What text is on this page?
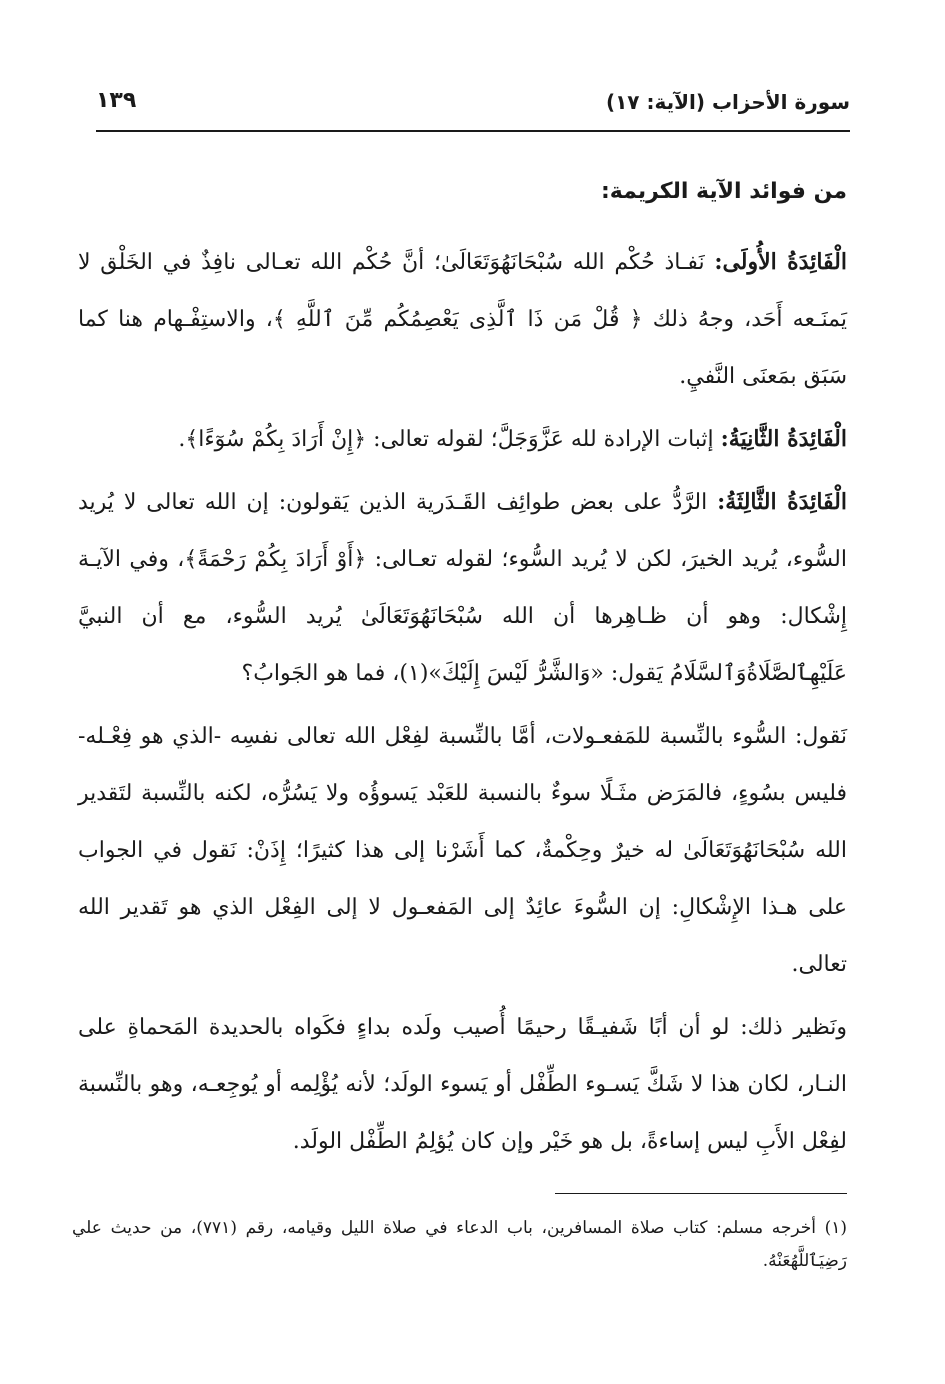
سورة الأحزاب (الآية: ١٧)
١٣٩
من فوائد الآية الكريمة:

الْفَائِدَةُ الأُولَى: نَفـاذ حُكْم الله سُبْحَانَهُوَتَعَالَىٰ؛ أنَّ حُكْم الله تعـالى نافِذٌ في الخَلْق لا يَمنَـعه أَحَد، وجهُ ذلك ﴿ قُلْ مَن ذَا ٱلَّذِى يَعْصِمُكُم مِّنَ ٱللَّهِ ﴾، والاستِفْـهام هنا كما سَبَق بمَعنَى النَّفيِ.

الْفَائِدَةُ الثَّانِيَةُ: إثبات الإرادة لله عَزَّوَجَلَّ؛ لقوله تعالى: ﴿إِنْ أَرَادَ بِكُمْ سُوٓءًا﴾.

الْفَائِدَةُ الثَّالِثَةُ: الرَّدُّ على بعض طوائِف القَـدَرية الذين يَقولون: إن الله تعالى لا يُريد السُّوء، يُريد الخيرَ، لكن لا يُريد السُّوء؛ لقوله تعـالى: ﴿أَوْ أَرَادَ بِكُمْ رَحْمَةً﴾، وفي الآيـة إِشْكال: وهو أن ظـاهِرها أن الله سُبْحَانَهُوَتَعَالَىٰ يُريد السُّوء، مع أن النبيَّ عَلَيْهِٱلصَّلَاةُوَٱلسَّلَامُ يَقول: «وَالشَّرُّ لَيْسَ إِلَيْكَ»(١)، فما هو الجَوابُ؟

نَقول: السُّوء بالنِّسبة للمَفعـولات، أمَّا بالنِّسبة لفِعْل الله تعالى نفسِه -الذي هو فِعْـله- فليس بسُوءٍ، فالمَرَض مثَـلًا سوءٌ بالنسبة للعَبْد يَسوؤُه ولا يَسُرُّه، لكنه بالنِّسبة لتَقدير الله سُبْحَانَهُوَتَعَالَىٰ له خيرٌ وحِكْمةٌ، كما أَشَرْنا إلى هذا كثيرًا؛ إِذَنْ: نَقول في الجواب على هـذا الإِشْكالِ: إن السُّوءَ عائِدٌ إلى المَفعـول لا إلى الفِعْل الذي هو تَقدير الله تعالى.

ونَظير ذلك: لو أن أبًا شَفيـقًا رحيمًا أُصيب ولَده بداءٍ فكَواه بالحديدة المَحماةِ على النـار، لكان هذا لا شَكَّ يَسـوء الطِّفْل أو يَسوء الولَد؛ لأنه يُؤْلِمه أو يُوجِعـه، وهو بالنِّسبة لفِعْل الأَبِ ليس إساءةً، بل هو خَيْر وإن كان يُؤلِمُ الطِّفْل الولَد.

(١) أخرجه مسلم: كتاب صلاة المسافرين، باب الدعاء في صلاة الليل وقيامه، رقم (٧٧١)، من حديث علي رَضِيَٱللَّهُعَنْهُ.
